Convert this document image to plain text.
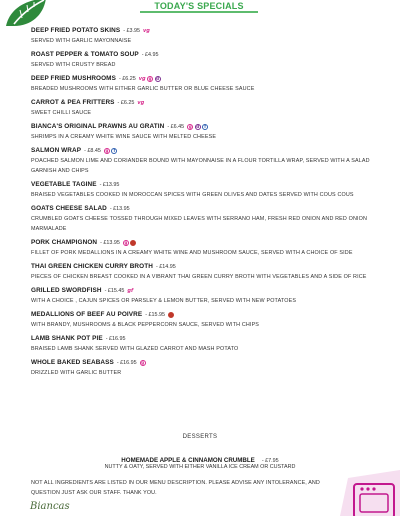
TODAY'S SPECIALS
DEEP FRIED POTATO SKINS - £3.95 vg
SERVED WITH GARLIC MAYONNAISE
ROAST PEPPER & TOMATO SOUP - £4.95
SERVED WITH CRUSTY BREAD
DEEP FRIED MUSHROOMS - £6.25 vg g	d
BREADED MUSHROOMS WITH EITHER GARLIC BUTTER OR BLUE CHEESE SAUCE
CARROT & PEA FRITTERS - £6.25 vg
SWEET CHILLI SAUCE
BIANCA'S ORIGINAL PRAWNS AU GRATIN - £6.45	g	d	f
SHRIMPS IN A CREAMY WHITE WINE SAUCE WITH MELTED CHEESE
SALMON WRAP - £8.45	g	f
POACHED SALMON LIME AND CORIANDER BOUND WITH MAYONNAISE IN A FLOUR TORTILLA WRAP, SERVED WITH A SALAD GARNISH AND CHIPS
VEGETABLE TAGINE - £13.95
BRAISED VEGETABLES COOKED IN MOROCCAN SPICES WITH GREEN OLIVES AND DATES SERVED WITH COUS COUS
GOATS CHEESE SALAD - £13.95
CRUMBLED GOATS CHEESE TOSSED THROUGH MIXED LEAVES WITH SERRANO HAM, FRESH RED ONION AND RED ONION MARMALADE
PORK CHAMPIGNON - £13.95	g
FILLET OF PORK MEDALLIONS IN A CREAMY WHITE WINE AND MUSHROOM SAUCE, SERVED WITH A CHOICE OF SIDE
THAI GREEN CHICKEN CURRY BROTH - £14.95
PIECES OF CHICKEN BREAST COOKED IN A VIBRANT THAI GREEN CURRY BROTH WITH VEGETABLES AND A SIDE OF RICE
GRILLED SWORDFISH - £15.45 gf
WITH A CHOICE , CAJUN SPICES OR PARSLEY & LEMON BUTTER, SERVED WITH NEW POTATOES
MEDALLIONS OF BEEF AU POIVRE - £15.95
WITH BRANDY, MUSHROOMS & BLACK PEPPERCORN SAUCE, SERVED WITH CHIPS
LAMB SHANK POT PIE - £16.95
BRAISED LAMB SHANK SERVED WITH GLAZED CARROT AND MASH POTATO
WHOLE BAKED SEABASS - £16.95	g
DRIZZLED WITH GARLIC BUTTER
DESSERTS
HOMEMADE APPLE & CINNAMON CRUMBLE - £7.95
NUTTY & OATY, SERVED WITH EITHER VANILLA ICE CREAM OR CUSTARD
NOT ALL INGREDIENTS ARE LISTED IN OUR MENU DESCRIPTION. PLEASE ADVISE ANY INTOLERANCE, AND QUESTION JUST ASK OUR STAFF. THANK YOU.
Biancas
